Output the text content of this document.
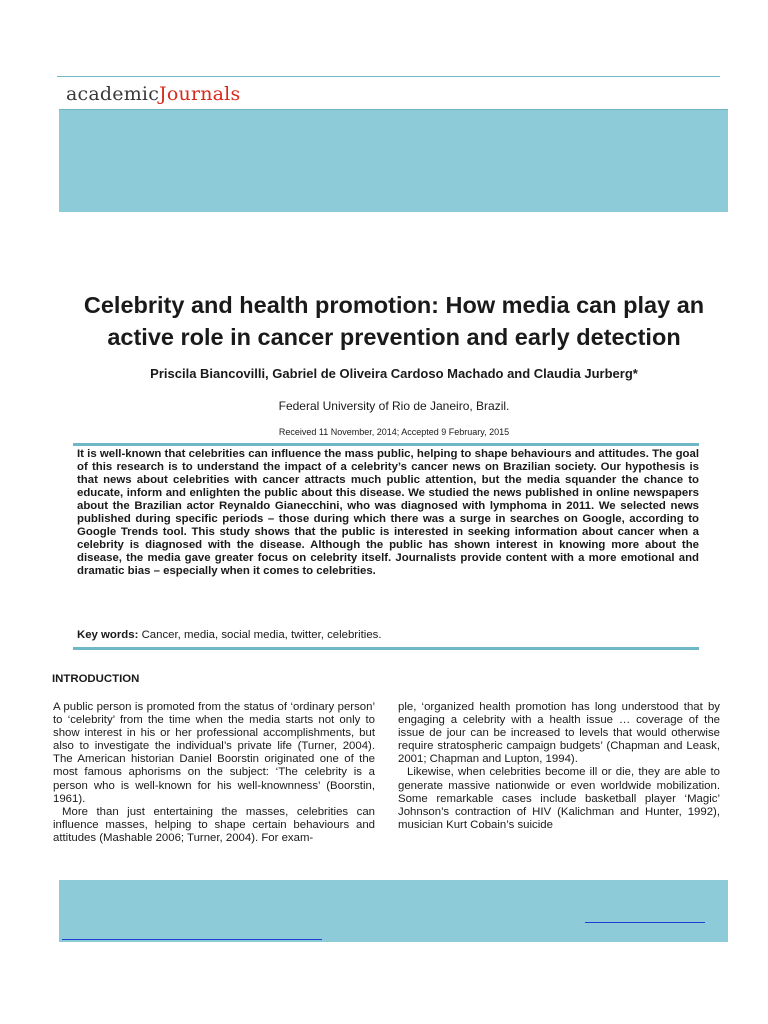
academicJournals
Celebrity and health promotion: How media can play an active role in cancer prevention and early detection
Priscila Biancovilli, Gabriel de Oliveira Cardoso Machado and Claudia Jurberg*
Federal University of Rio de Janeiro, Brazil.
Received 11 November, 2014; Accepted 9 February, 2015
It is well-known that celebrities can influence the mass public, helping to shape behaviours and attitudes. The goal of this research is to understand the impact of a celebrity’s cancer news on Brazilian society. Our hypothesis is that news about celebrities with cancer attracts much public attention, but the media squander the chance to educate, inform and enlighten the public about this disease. We studied the news published in online newspapers about the Brazilian actor Reynaldo Gianecchini, who was diagnosed with lymphoma in 2011. We selected news published during specific periods – those during which there was a surge in searches on Google, according to Google Trends tool. This study shows that the public is interested in seeking information about cancer when a celebrity is diagnosed with the disease. Although the public has shown interest in knowing more about the disease, the media gave greater focus on celebrity itself. Journalists provide content with a more emotional and dramatic bias – especially when it comes to celebrities.
Key words: Cancer, media, social media, twitter, celebrities.
INTRODUCTION

A public person is promoted from the status of ‘ordinary person’ to ‘celebrity’ from the time when the media starts not only to show interest in his or her professional accomplishments, but also to investigate the individual’s private life (Turner, 2004). The American historian Daniel Boorstin originated one of the most famous aphorisms on the subject: ‘The celebrity is a person who is well-known for his well-knownness’ (Boorstin, 1961).

More than just entertaining the masses, celebrities can influence masses, helping to shape certain behaviours and attitudes (Mashable 2006; Turner, 2004). For exam-

ple, ‘organized health promotion has long understood that by engaging a celebrity with a health issue … coverage of the issue de jour can be increased to levels that would otherwise require stratospheric campaign budgets’ (Chapman and Leask, 2001; Chapman and Lupton, 1994).

Likewise, when celebrities become ill or die, they are able to generate massive nationwide or even worldwide mobilization. Some remarkable cases include basketball player ‘Magic’ Johnson’s contraction of HIV (Kalichman and Hunter, 1992), musician Kurt Cobain’s suicide
